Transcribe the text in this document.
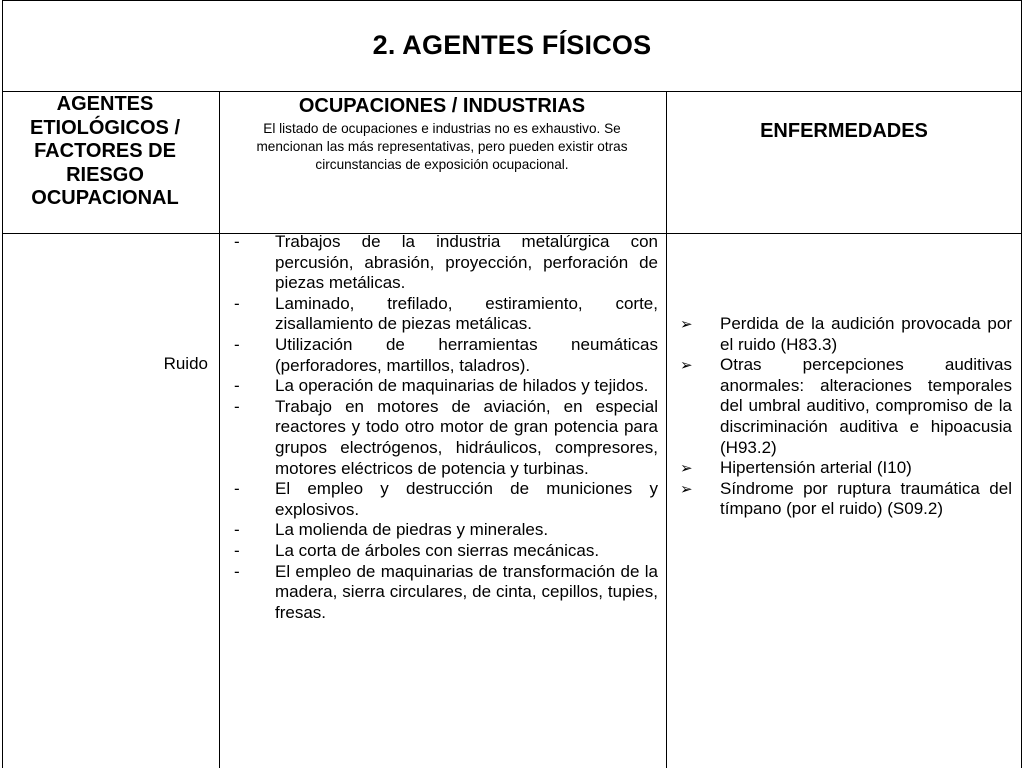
2. AGENTES FÍSICOS
AGENTES ETIOLÓGICOS / FACTORES DE RIESGO OCUPACIONAL
OCUPACIONES / INDUSTRIAS
El listado de ocupaciones e industrias no es exhaustivo. Se mencionan las más representativas, pero pueden existir otras circunstancias de exposición ocupacional.
ENFERMEDADES
Ruido
- Trabajos de la industria metalúrgica con percusión, abrasión, proyección, perforación de piezas metálicas.
- Laminado, trefilado, estiramiento, corte, zisallamiento de piezas metálicas.
- Utilización de herramientas neumáticas (perforadores, martillos, taladros).
- La operación de maquinarias de hilados y tejidos.
- Trabajo en motores de aviación, en especial reactores y todo otro motor de gran potencia para grupos electrógenos, hidráulicos, compresores, motores eléctricos de potencia y turbinas.
- El empleo y destrucción de municiones y explosivos.
- La molienda de piedras y minerales.
- La corta de árboles con sierras mecánicas.
- El empleo de maquinarias de transformación de la madera, sierra circulares, de cinta, cepillos, tupies, fresas.
➢ Perdida de la audición provocada por el ruido (H83.3)
➢ Otras percepciones auditivas anormales: alteraciones temporales del umbral auditivo, compromiso de la discriminación auditiva e hipoacusia (H93.2)
➢ Hipertensión arterial (I10)
➢ Síndrome por ruptura traumática del tímpano (por el ruido) (S09.2)
